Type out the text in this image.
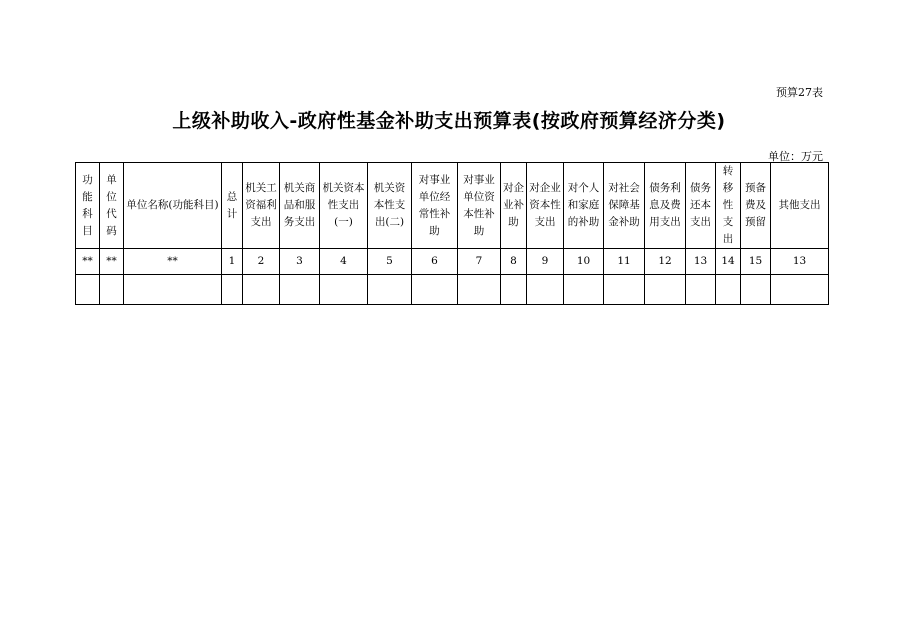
预算27表
上级补助收入-政府性基金补助支出预算表(按政府预算经济分类)
单位：万元
功能科目	单位代码	单位名称(功能科目)	总计	机关工资福利支出	机关商品和服务支出	机关资本性支出(一)	机关资本性支出(二)	对事业单位经常性补助	对事业单位资本性补助	对企业补助	对企业资本性支出	对个人和家庭的补助	对社会保障基金补助	债务利息及费用支出	债务还本支出	转移性支出	预备费及预留	其他支出
**	**	**	1	2	3	4	5	6	7	8	9	10	11	12	13	14	15	13
